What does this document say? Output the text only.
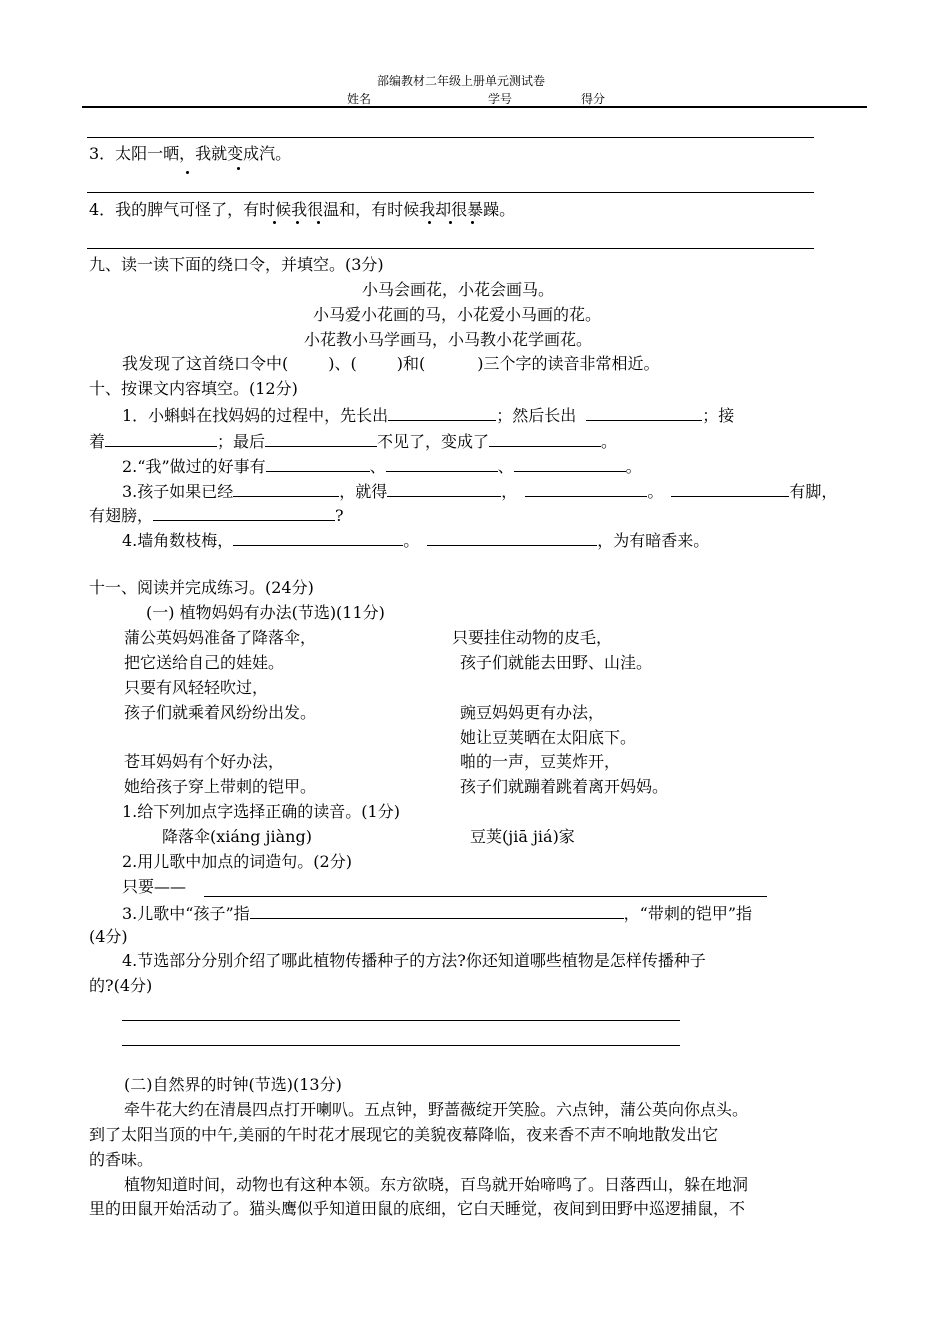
部编教材二年级上册单元测试卷
姓名	学号	得分
3．太阳一晒，我就变成汽。
4．我的脾气可怪了，有时候我很温和，有时候我却很暴躁。
九、读一读下面的绕口令，并填空。(3分)
小马会画花，小花会画马。
小马爱小花画的马，小花爱小马画的花。
小花教小马学画马，小马教小花学画花。
我发现了这首绕口令中(	)、(	)和(	)三个字的读音非常相近。
十、按课文内容填空。(12分)
1．小蝌蚪在找妈妈的过程中，先长出	；然后长出	；接
着	；最后	不见了，变成了	。
2.“我”做过的好事有	、	、	。
3.孩子如果已经	，就得	，	。	有脚，
有翅膀，	?
4.墙角数枝梅，	。	，为有暗香来。
十一、阅读并完成练习。(24分)
(一) 植物妈妈有办法(节选)(11分)
蒲公英妈妈准备了降落伞，
把它送给自己的娃娃。
只要有风轻轻吹过，
孩子们就乘着风纷纷出发。
苍耳妈妈有个好办法，
她给孩子穿上带刺的铠甲。
只要挂住动物的皮毛，
孩子们就能去田野、山洼。
豌豆妈妈更有办法，
她让豆荚晒在太阳底下。
啪的一声，豆荚炸开，
孩子们就蹦着跳着离开妈妈。
1.给下列加点字选择正确的读音。(1分)
降落伞(xiáng jiàng)	豆荚(jiā jiá)家
2.用儿歌中加点的词造句。(2分)
只要——
3.儿歌中“孩子”指	，“带刺的铠甲”指
(4分)
4.节选部分分别介绍了哪此植物传播种子的方法?你还知道哪些植物是怎样传播种子
的?(4分)
(二)自然界的时钟(节选)(13分)
牵牛花大约在清晨四点打开喇叭。五点钟，野蔷薇绽开笑脸。六点钟，蒲公英向你点头。
到了太阳当顶的中午,美丽的午时花才展现它的美貌夜幕降临，夜来香不声不响地散发出它
的香味。
植物知道时间，动物也有这种本领。东方欲晓，百鸟就开始啼鸣了。日落西山，躲在地洞
里的田鼠开始活动了。猫头鹰似乎知道田鼠的底细，它白天睡觉，夜间到田野中巡逻捕鼠，不
